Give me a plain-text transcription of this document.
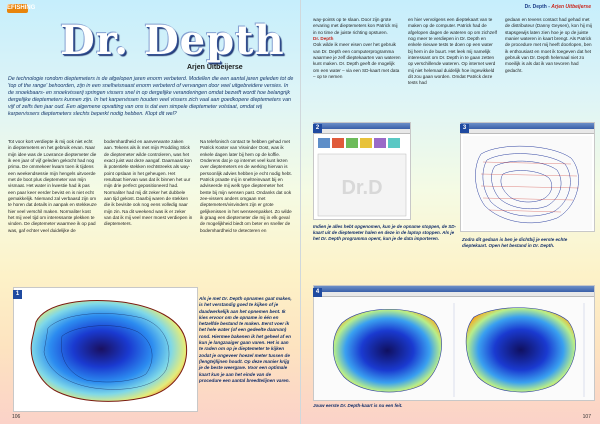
EFISHING
Dr. Depth
Arjen Uitbeijerse

De technologie rondom dieptemeters is de afgelopen jaren enorm verbeterd. Modellen die een aantal jaren geleden tot de 'top of the range' behoorden, zijn in een snelheisnaast enorm verbeterd of vervangen door veel uitgebreidere versies. In de snoekbaars- en snoekvisserij springen vissers snel in op dergelijke veranderingen omdat bezwift wordt hoe belangrijk dergelijke dieptemeters kunnen zijn. In het karpervissen houden veel vissers zich vaal aan goedkopere dieptemeters van vijf of zelfs tien jaar oud. Een algemene opvatting van ons is dat een simpele dieptemeter volstaat, omdat wij karpervissers dieptemeters slechts beperkt nodig hebben. Klopt dit wel?

Tot voor kort verdiepte ik mij ook niet echt in dieptemeters en het gebruik ervan. Naar mijn idee was de Lowrance dieptemeter die ik een jaar of vijf geleden gekocht had nog prima. De ommekeer kwam toen ik tijdens een weekendsessie mijn hengels uitvoerde met de boot plus dieptemeter van mijn vismaat. Het water in kwestie had ik pas een paar keer eerder bevist en is niet echt gemakkelijk. Niemand zal verbaasd zijn om te horen dat details in aanpak en stekkeuze hier veel verschil maken. Normaliter kost het mij veel tijd om interessante plekken te vinden. De dieptemeter waarmee ik op pad was, gaf echter veel duidelijke de

bodemhardheid en aanverwante zaken aan. Tekens als ik met mijn Prodding Stick de dieptemeter wilde controleren, was het exact juist wat deze aangaf. Daarnaast kon ik potentiële stekken rechtstreeks als way-point opslaan in het geheugen. Het resultaat hiervan was dat ik binnen het uur mijn drie perfect gepositioneerd had. Normaliter had mij dit zeker het dubbele aan tijd gekost. Daarbij waren de stekken die ik bevisite ook nog eens volledig naar mijn zin. Na dit weekend was ik er zeker van dat ik mij veel meer moest verdiepen in dieptemeters.

Na telefonisch contact te hebben gehad met Patrick Koster van Visvinder Oost, was ik enkele dagen later bij hem op de koffie. Onderens dat je op internet veel kunt lezen over dieptemeters en de werking hiervan is persoonlijk advies hebben je echt nodig hebt. Patrick praatte mij in sneltreinvaart bij en adviseerde mij welk type dieptemeter het beste bij mijn wensen past. Ondanks dat ook zee-vissers anders omgaan met dieptemeters/visvinders zijn er grote gelijkenissen in het wenseenpakket. Zo wilde ik graag een dieptemeter die mij in elk geval de mogelijkheid biedt om beter en sneller de bodemhardheid te detecteren en

1

Als je met Dr. Depth opnames gaat maken, is het verstandig goed te kijken of je daadwerkelijk aan het opnemen bent. Ik kies ervoor om de opname in één en hetzelfde bestand te maken. Eerst voer ik het hele water (of een gedeelte daarvan) rond. Hiermee bakenen ik het geheel af en kun je langzaaiger gaan varen. Het is aan te raden om op je dieptemeter te kijken zodat je ongeveer hoezel meter tussen de (lengte)lijnen houdt. Op deze manier krijg je de beste weergave. Voor een optimale kaart kun je aan het einde van de procedure een aantal breedtelijnen varen.

106
Dr. Depth - Arjen Uitbeijerse

way-points op te slaan. Door zijn grote ervaring met dieptemeters kon Patrick mij in no time de juiste richting opsturen.
Dr. Depth
Ook wilde ik meer eisen over het gebruik van Dr. Depth een computerprogramma waarmee je zelf dieptekaarten van wateren kunt maken. Dr. Depth geeft de mogelijk om een water – via een SD-kaart met data – op te nemen

en hier vervolgens een dieptekaart van te maken op de computer. Patrick had de afgelopen dagen de wateren op om zichzelf nog meer te verdiepen in Dr. Depth en enkele nieuwe tests te doen op een water bij hem in de buurt. Het leek mij namelijk interessant om Dr. Depth in te gaan zetten op verschillende wateren. Op internet werd mij niet helemaal duidelijk hoe ingewikkeld dit zou gaan worden. Omdat Patrick deze tests had

gedaan en tevens contact had gehad met de distributeur (Danny Geysen), kon hij mij stapsgewijs laten zien hoe je op de juiste manier wateren in kaart brengt. Als Patrick de procedure met mij heeft doorlopen, ben ik enthousiast en moet ik toegeven dat het gebruik van Dr. Depth helemaal niet zo moeilijk is als dat ik van tevoren had gedacht.

2
Dr.D

Indien je alles hebt opgenomen, kun je de opname stoppen, de SD-kaart uit de dieptemeter halen en deze in de laptop stoppen. Als je het Dr. Depth programma opent, kun je de data importeren.

3

Zodra dit gedaan is ben je dichtbij je eerste echte dieptekaart. Open het bestand in Dr. Depth.

4

Jouw eerste Dr. Depth-kaart is nu een feit.

107
